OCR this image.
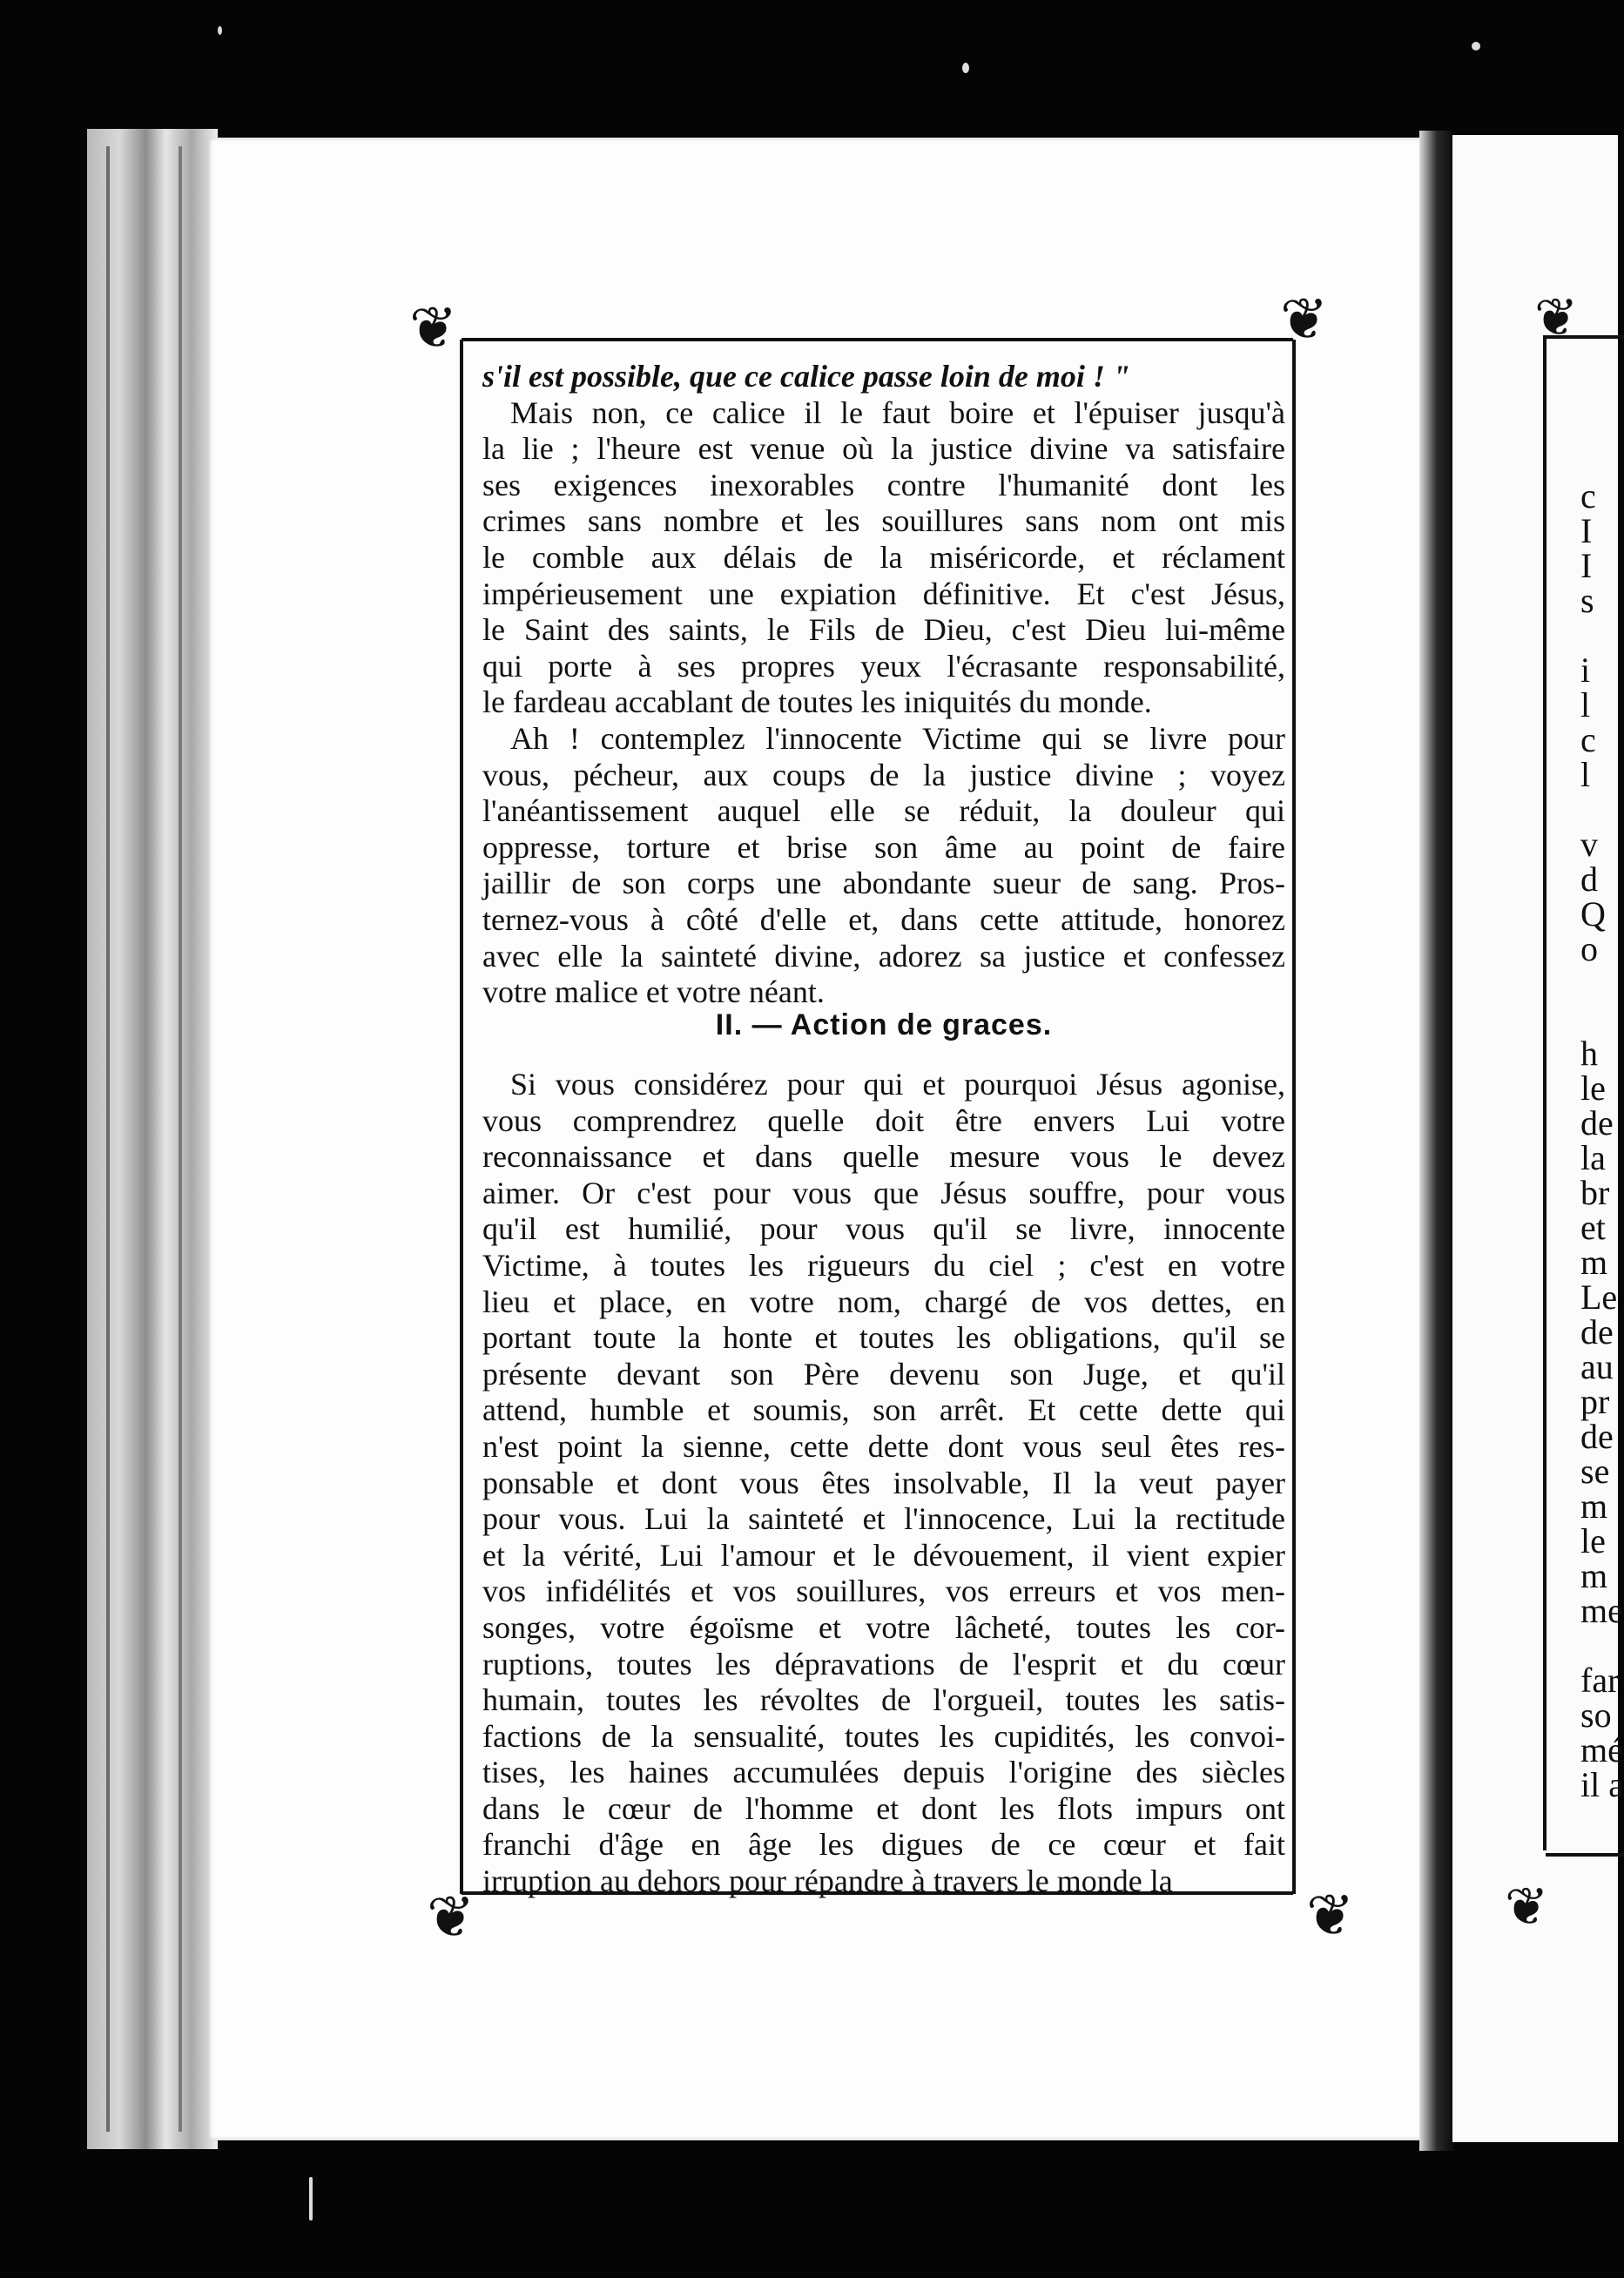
❦
❦
c
I
I
s
i
l
c
l
v
d
Q
o
h
le
de
la
br
et
m
Le
de
au
pr
de
se
m
le
m
me
far
so
mé
il a
❦	❦
❦	❦
s'il est possible, que ce calice passe loin de moi ! "
Mais non, ce calice il le faut boire et l'épuiser jusqu'à
la lie ; l'heure est venue où la justice divine va satisfaire
ses exigences inexorables contre l'humanité dont les
crimes sans nombre et les souillures sans nom ont mis
le comble aux délais de la miséricorde, et réclament
impérieusement une expiation définitive. Et c'est Jésus,
le Saint des saints, le Fils de Dieu, c'est Dieu lui-même
qui porte à ses propres yeux l'écrasante responsabilité,
le fardeau accablant de toutes les iniquités du monde.
Ah ! contemplez l'innocente Victime qui se livre pour
vous, pécheur, aux coups de la justice divine ; voyez
l'anéantissement auquel elle se réduit, la douleur qui
oppresse, torture et brise son âme au point de faire
jaillir de son corps une abondante sueur de sang. Pros-
ternez-vous à côté d'elle et, dans cette attitude, honorez
avec elle la sainteté divine, adorez sa justice et confessez
votre malice et votre néant.
II. — Action de graces.
Si vous considérez pour qui et pourquoi Jésus agonise,
vous comprendrez quelle doit être envers Lui votre
reconnaissance et dans quelle mesure vous le devez
aimer. Or c'est pour vous que Jésus souffre, pour vous
qu'il est humilié, pour vous qu'il se livre, innocente
Victime, à toutes les rigueurs du ciel ; c'est en votre
lieu et place, en votre nom, chargé de vos dettes, en
portant toute la honte et toutes les obligations, qu'il se
présente devant son Père devenu son Juge, et qu'il
attend, humble et soumis, son arrêt. Et cette dette qui
n'est point la sienne, cette dette dont vous seul êtes res-
ponsable et dont vous êtes insolvable, Il la veut payer
pour vous. Lui la sainteté et l'innocence, Lui la rectitude
et la vérité, Lui l'amour et le dévouement, il vient expier
vos infidélités et vos souillures, vos erreurs et vos men-
songes, votre égoïsme et votre lâcheté, toutes les cor-
ruptions, toutes les dépravations de l'esprit et du cœur
humain, toutes les révoltes de l'orgueil, toutes les satis-
factions de la sensualité, toutes les cupidités, les convoi-
tises, les haines accumulées depuis l'origine des siècles
dans le cœur de l'homme et dont les flots impurs ont
franchi d'âge en âge les digues de ce cœur et fait
irruption au dehors pour répandre à travers le monde la
